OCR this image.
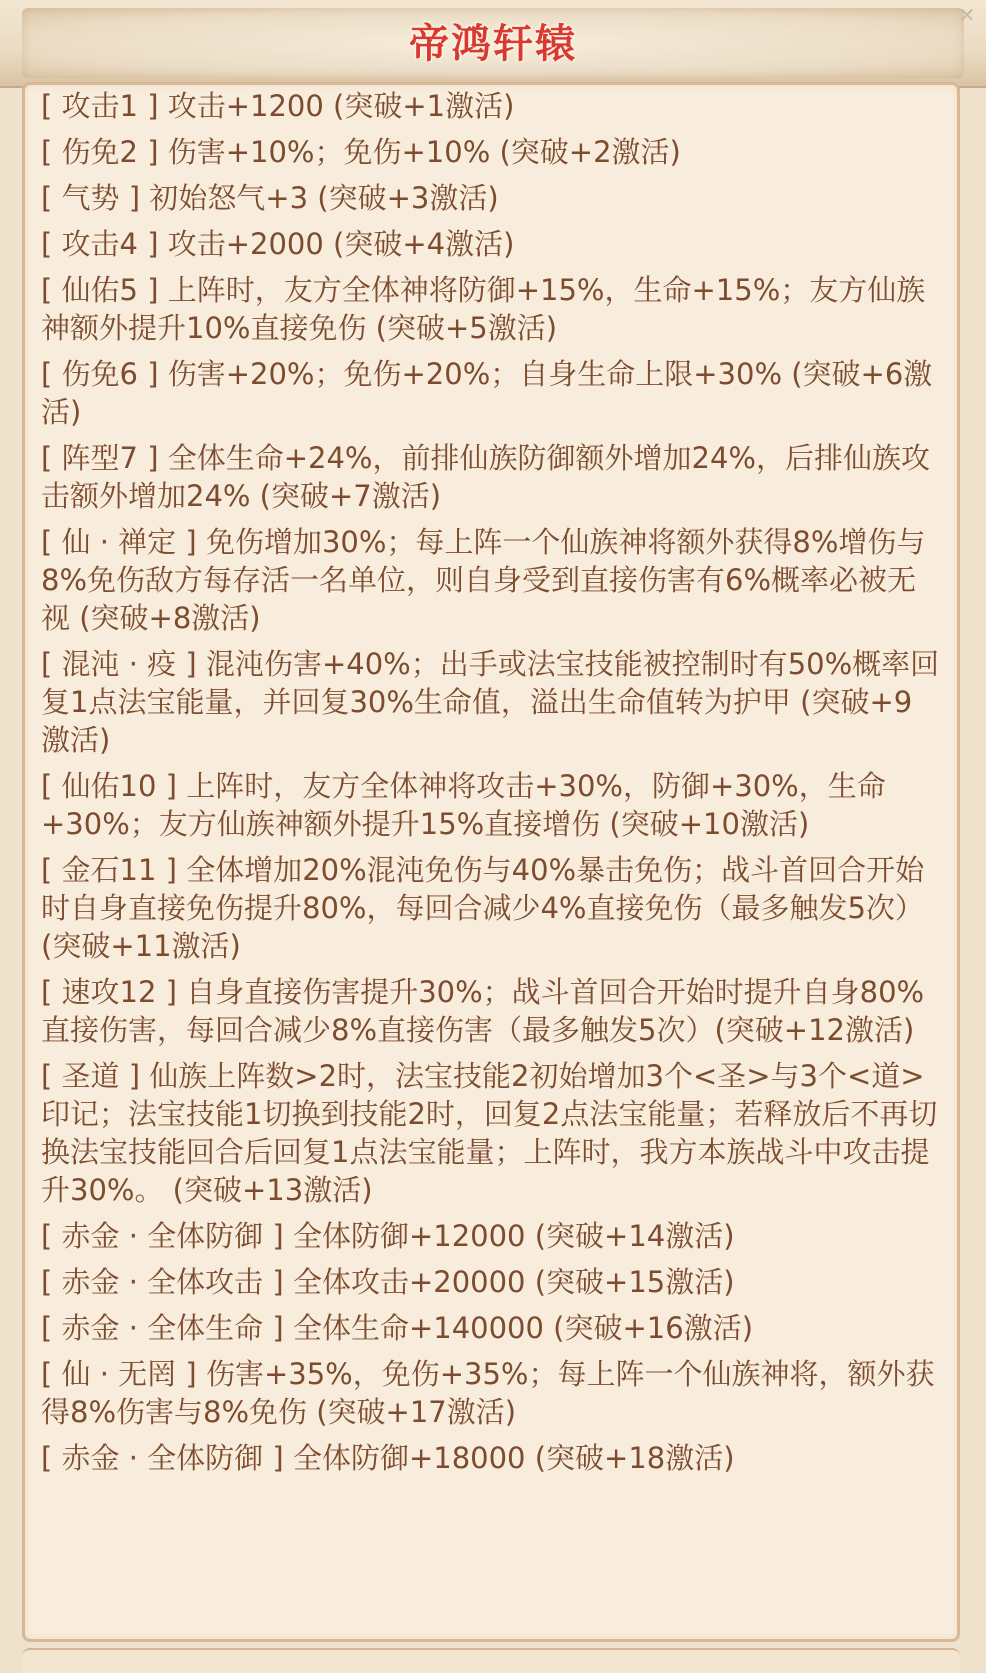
帝鸿轩辕
✕
[ 攻击1 ] 攻击+1200 (突破+1激活)
[ 伤免2 ] 伤害+10%；免伤+10% (突破+2激活)
[ 气势 ] 初始怒气+3 (突破+3激活)
[ 攻击4 ] 攻击+2000 (突破+4激活)
[ 仙佑5 ] 上阵时，友方全体神将防御+15%，生命+15%；友方仙族神额外提升10%直接免伤 (突破+5激活)
[ 伤免6 ] 伤害+20%；免伤+20%；自身生命上限+30% (突破+6激活)
[ 阵型7 ] 全体生命+24%，前排仙族防御额外增加24%，后排仙族攻击额外增加24% (突破+7激活)
[ 仙 · 禅定 ] 免伤增加30%；每上阵一个仙族神将额外获得8%增伤与8%免伤敌方每存活一名单位，则自身受到直接伤害有6%概率必被无视 (突破+8激活)
[ 混沌 · 疫 ] 混沌伤害+40%；出手或法宝技能被控制时有50%概率回复1点法宝能量，并回复30%生命值，溢出生命值转为护甲 (突破+9激活)
[ 仙佑10 ] 上阵时，友方全体神将攻击+30%，防御+30%，生命+30%；友方仙族神额外提升15%直接增伤 (突破+10激活)
[ 金石11 ] 全体增加20%混沌免伤与40%暴击免伤；战斗首回合开始时自身直接免伤提升80%，每回合减少4%直接免伤（最多触发5次）(突破+11激活)
[ 速攻12 ] 自身直接伤害提升30%；战斗首回合开始时提升自身80%直接伤害，每回合减少8%直接伤害（最多触发5次）(突破+12激活)
[ 圣道 ] 仙族上阵数>2时，法宝技能2初始增加3个<圣>与3个<道>印记；法宝技能1切换到技能2时，回复2点法宝能量；若释放后不再切换法宝技能回合后回复1点法宝能量；上阵时，我方本族战斗中攻击提升30%。 (突破+13激活)
[ 赤金 · 全体防御 ] 全体防御+12000 (突破+14激活)
[ 赤金 · 全体攻击 ] 全体攻击+20000 (突破+15激活)
[ 赤金 · 全体生命 ] 全体生命+140000 (突破+16激活)
[ 仙 · 无罔 ] 伤害+35%，免伤+35%；每上阵一个仙族神将，额外获得8%伤害与8%免伤 (突破+17激活)
[ 赤金 · 全体防御 ] 全体防御+18000 (突破+18激活)
